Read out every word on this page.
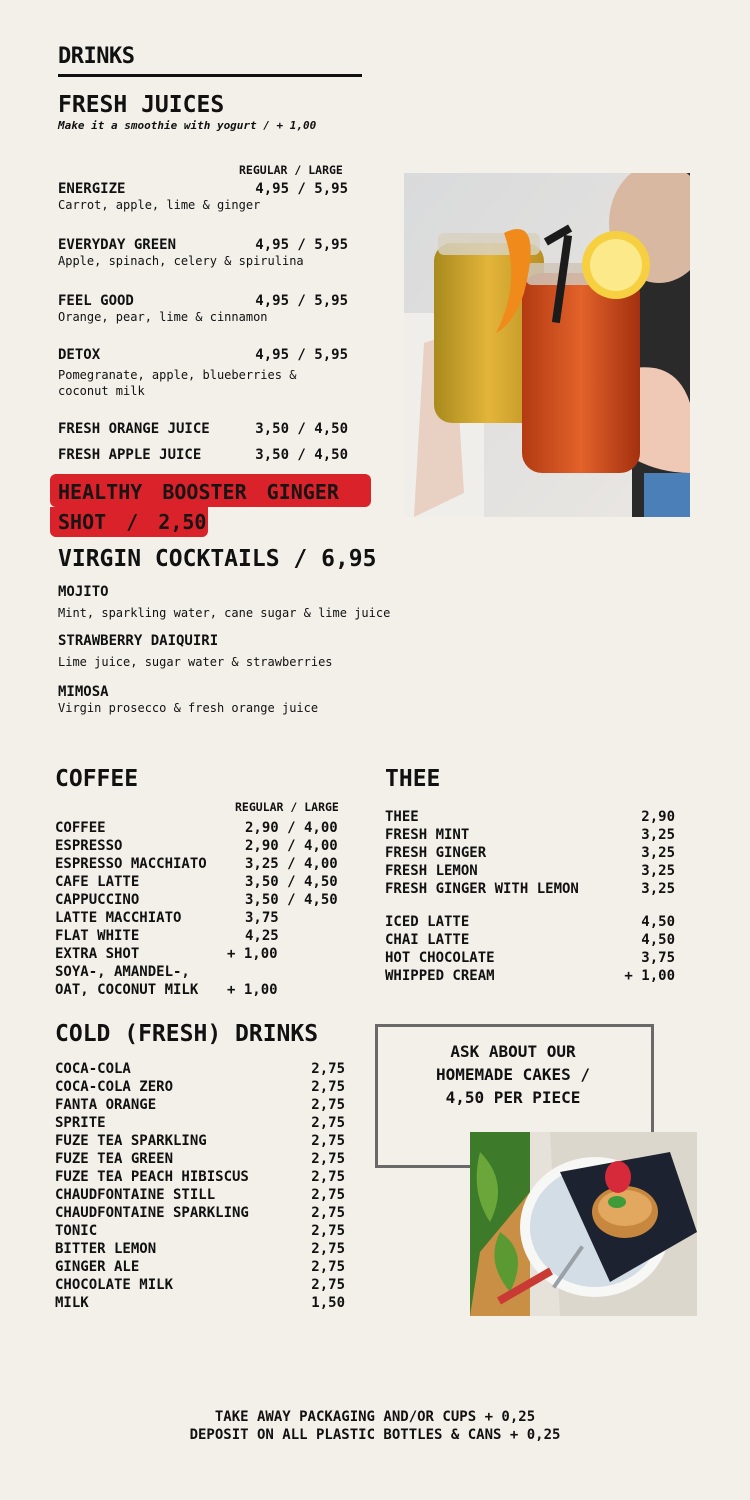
DRINKS
FRESH JUICES
Make it a smoothie with yogurt / + 1,00
REGULAR / LARGE
ENERGIZE	4,95 / 5,95
Carrot, apple, lime & ginger
EVERYDAY GREEN	4,95 / 5,95
Apple, spinach, celery & spirulina
FEEL GOOD	4,95 / 5,95
Orange, pear, lime & cinnamon
DETOX	4,95 / 5,95
Pomegranate, apple, blueberries & coconut milk
FRESH ORANGE JUICE	3,50 / 4,50
FRESH APPLE JUICE	3,50 / 4,50
HEALTHY BOOSTER GINGER SHOT / 2,50
VIRGIN COCKTAILS / 6,95
MOJITO
Mint, sparkling water, cane sugar & lime juice
STRAWBERRY DAIQUIRI
Lime juice, sugar water & strawberries
MIMOSA
Virgin prosecco & fresh orange juice
COFFEE
REGULAR / LARGE
COFFEE	2,90 / 4,00
ESPRESSO	2,90 / 4,00
ESPRESSO MACCHIATO	3,25 / 4,00
CAFE LATTE	3,50 / 4,50
CAPPUCCINO	3,50 / 4,50
LATTE MACCHIATO	3,75
FLAT WHITE	4,25
EXTRA SHOT	+ 1,00
SOYA-, AMANDEL-,
OAT, COCONUT MILK + 1,00
THEE
THEE	2,90
FRESH MINT	3,25
FRESH GINGER	3,25
FRESH LEMON	3,25
FRESH GINGER WITH LEMON	3,25
ICED LATTE	4,50
CHAI LATTE	4,50
HOT CHOCOLATE	3,75
WHIPPED CREAM	+ 1,00
COLD (FRESH) DRINKS
COCA-COLA	2,75
COCA-COLA ZERO	2,75
FANTA ORANGE	2,75
SPRITE	2,75
FUZE TEA SPARKLING	2,75
FUZE TEA GREEN	2,75
FUZE TEA PEACH HIBISCUS	2,75
CHAUDFONTAINE STILL	2,75
CHAUDFONTAINE SPARKLING	2,75
TONIC	2,75
BITTER LEMON	2,75
GINGER ALE	2,75
CHOCOLATE MILK	2,75
MILK	1,50
ASK ABOUT OUR
HOMEMADE CAKES /
4,50 PER PIECE
TAKE AWAY PACKAGING AND/OR CUPS + 0,25
DEPOSIT ON ALL PLASTIC BOTTLES & CANS + 0,25
